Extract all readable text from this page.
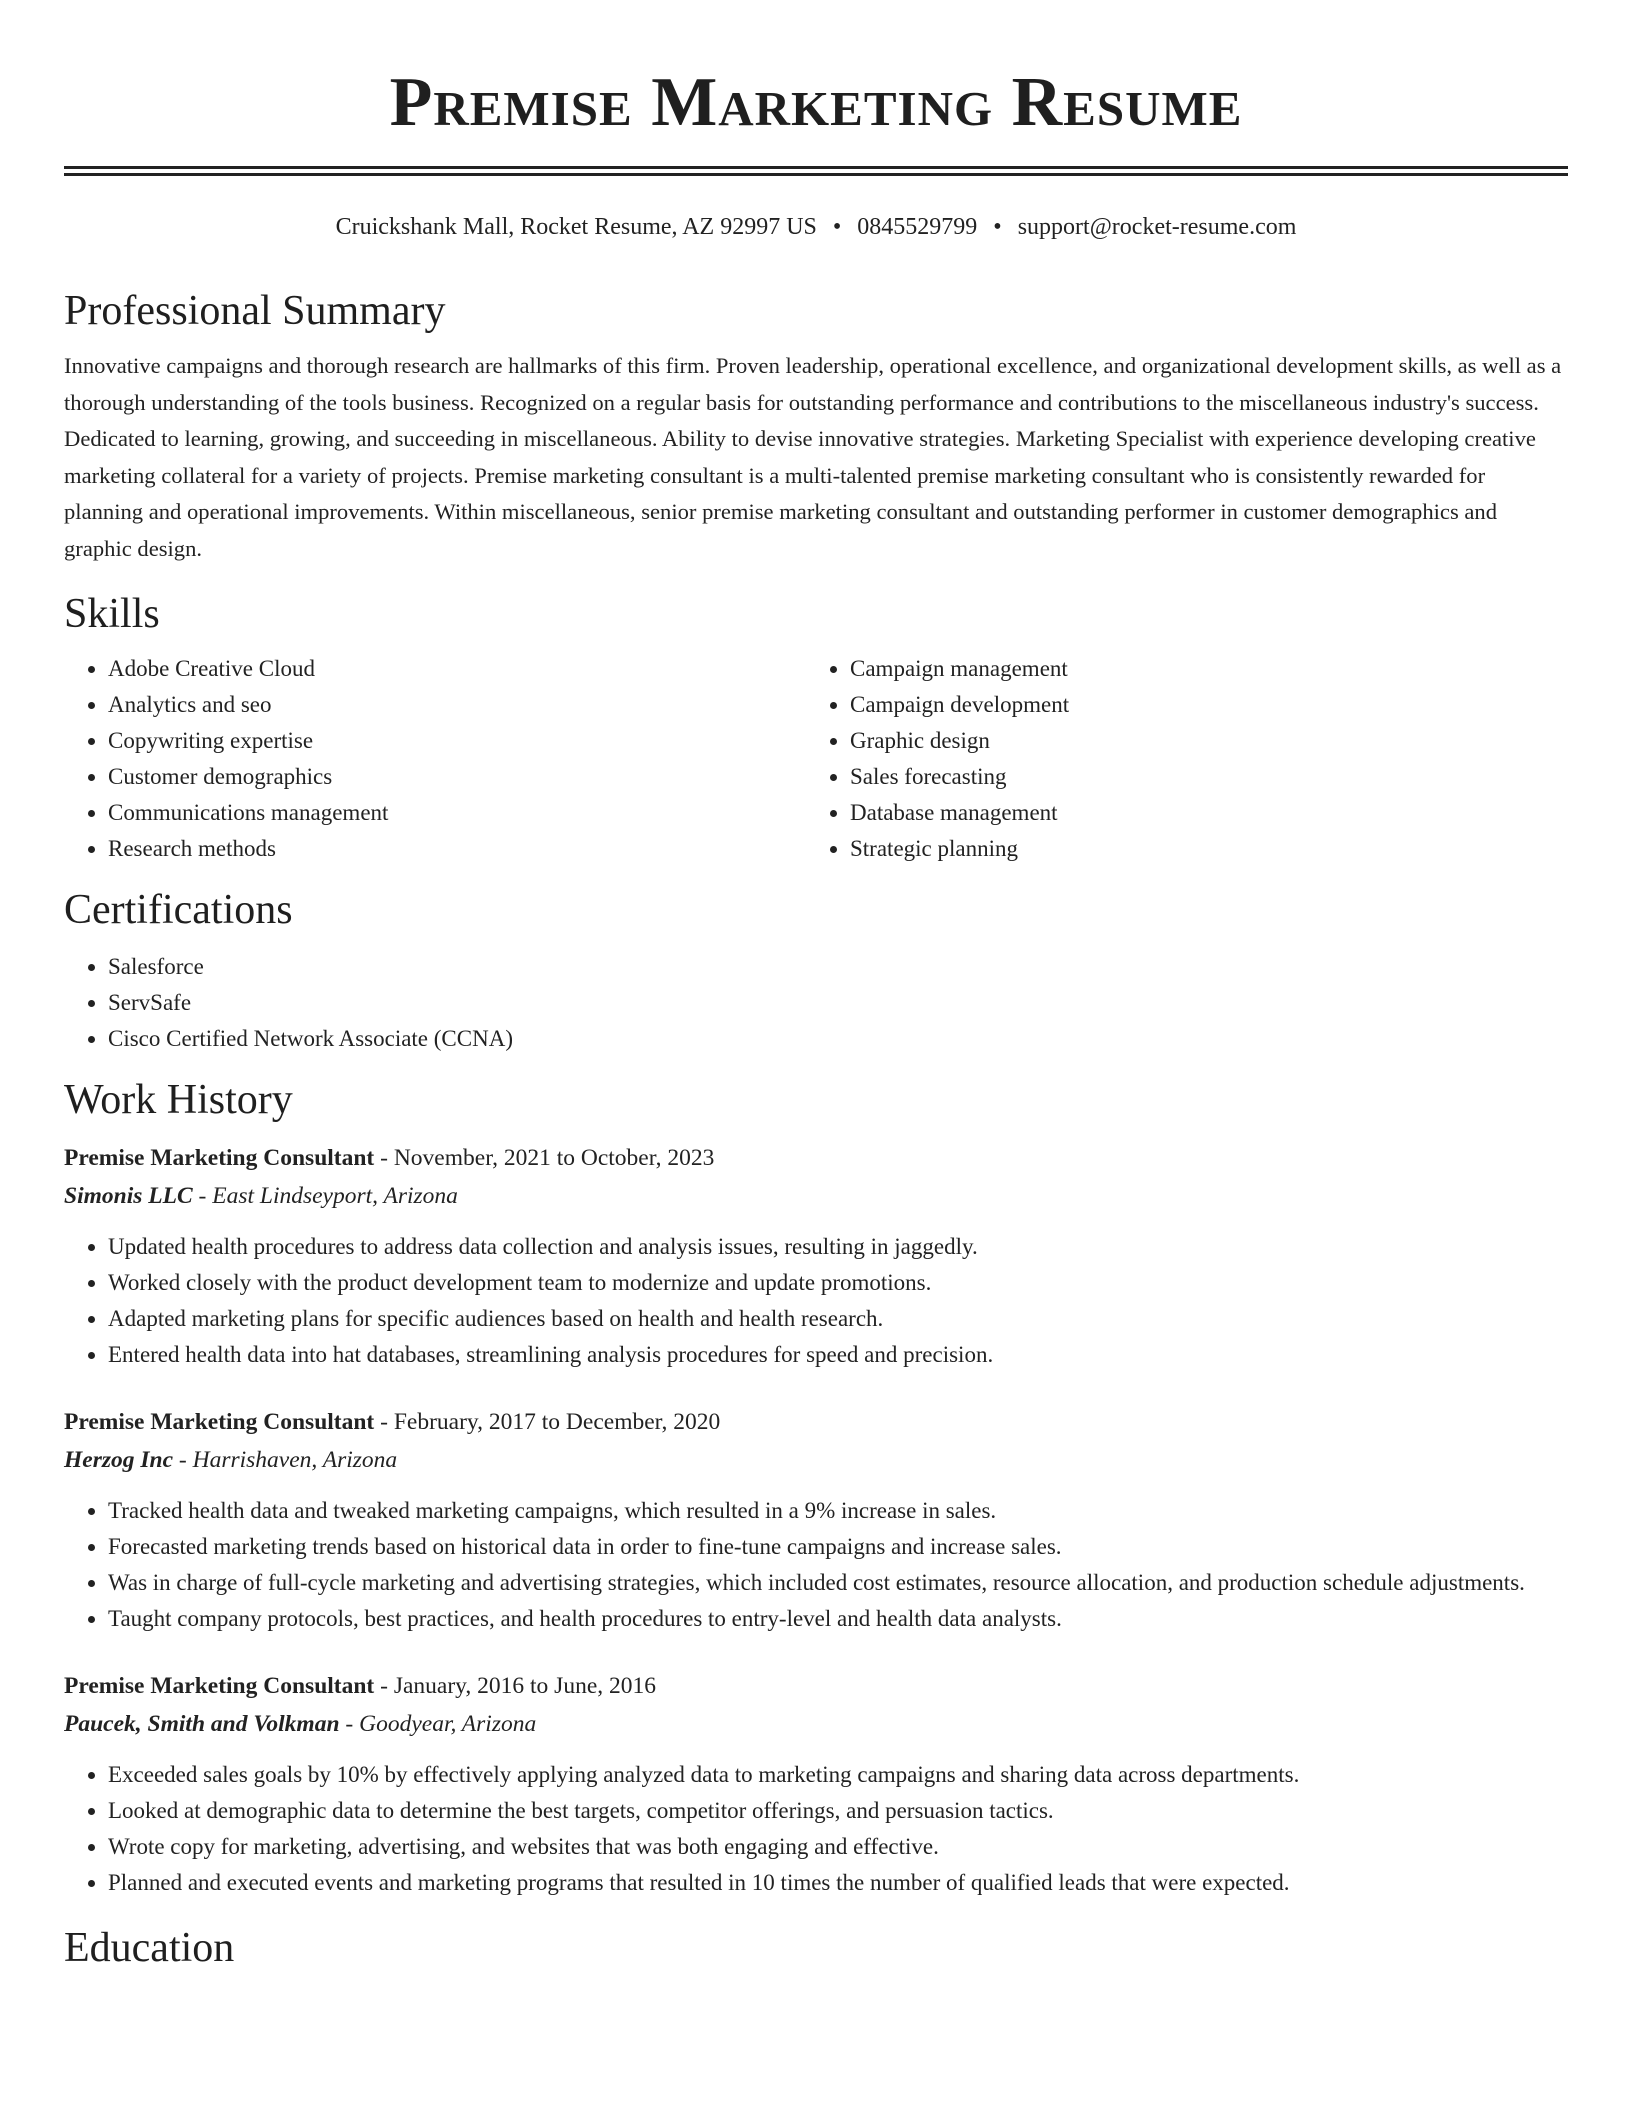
Premise Marketing Resume
Cruickshank Mall, Rocket Resume, AZ 92997 US • 0845529799 • support@rocket-resume.com
Professional Summary

Innovative campaigns and thorough research are hallmarks of this firm. Proven leadership, operational excellence, and organizational development skills, as well as a thorough understanding of the tools business. Recognized on a regular basis for outstanding performance and contributions to the miscellaneous industry's success. Dedicated to learning, growing, and succeeding in miscellaneous. Ability to devise innovative strategies. Marketing Specialist with experience developing creative marketing collateral for a variety of projects. Premise marketing consultant is a multi-talented premise marketing consultant who is consistently rewarded for planning and operational improvements. Within miscellaneous, senior premise marketing consultant and outstanding performer in customer demographics and graphic design.

Skills
• Adobe Creative Cloud
• Analytics and seo
• Copywriting expertise
• Customer demographics
• Communications management
• Research methods
• Campaign management
• Campaign development
• Graphic design
• Sales forecasting
• Database management
• Strategic planning
Certifications
• Salesforce
• ServSafe
• Cisco Certified Network Associate (CCNA)
Work History
Premise Marketing Consultant - November, 2021 to October, 2023
Simonis LLC - East Lindseyport, Arizona
• Updated health procedures to address data collection and analysis issues, resulting in jaggedly.
• Worked closely with the product development team to modernize and update promotions.
• Adapted marketing plans for specific audiences based on health and health research.
• Entered health data into hat databases, streamlining analysis procedures for speed and precision.
Premise Marketing Consultant - February, 2017 to December, 2020
Herzog Inc - Harrishaven, Arizona
• Tracked health data and tweaked marketing campaigns, which resulted in a 9% increase in sales.
• Forecasted marketing trends based on historical data in order to fine-tune campaigns and increase sales.
• Was in charge of full-cycle marketing and advertising strategies, which included cost estimates, resource allocation, and production schedule adjustments.
• Taught company protocols, best practices, and health procedures to entry-level and health data analysts.
Premise Marketing Consultant - January, 2016 to June, 2016
Paucek, Smith and Volkman - Goodyear, Arizona
• Exceeded sales goals by 10% by effectively applying analyzed data to marketing campaigns and sharing data across departments.
• Looked at demographic data to determine the best targets, competitor offerings, and persuasion tactics.
• Wrote copy for marketing, advertising, and websites that was both engaging and effective.
• Planned and executed events and marketing programs that resulted in 10 times the number of qualified leads that were expected.
Education
